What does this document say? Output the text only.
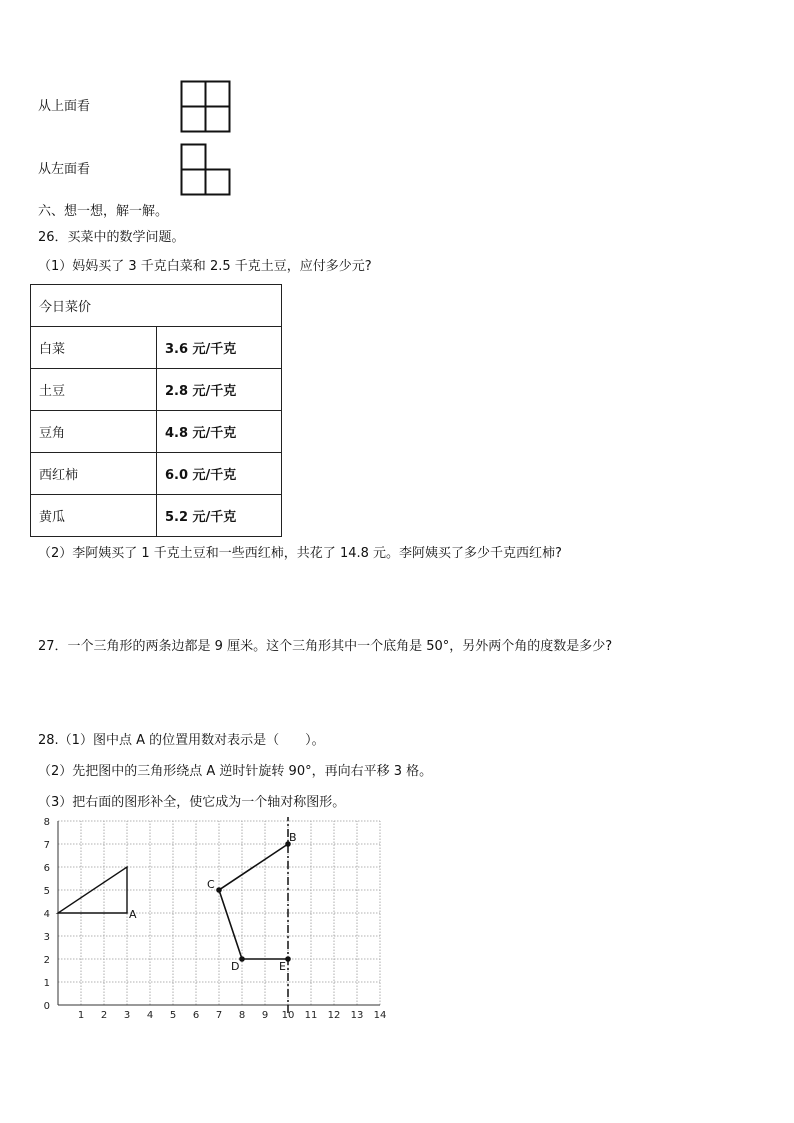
从上面看
从左面看
六、想一想，解一解。
26．买菜中的数学问题。
（1）妈妈买了 3 千克白菜和 2.5 千克土豆，应付多少元?
今日菜价	
白菜	3.6 元/千克
土豆	2.8 元/千克
豆角	4.8 元/千克
西红柿	6.0 元/千克
黄瓜	5.2 元/千克
（2）李阿姨买了 1 千克土豆和一些西红柿，共花了 14.8 元。李阿姨买了多少千克西红柿?
27．一个三角形的两条边都是 9 厘米。这个三角形其中一个底角是 50°，另外两个角的度数是多少?
28.（1）图中点 A 的位置用数对表示是（　　）。
（2）先把图中的三角形绕点 A 逆时针旋转 90°，再向右平移 3 格。
（3）把右面的图形补全，使它成为一个轴对称图形。
1 2 3 4 5 6 7 8 9 10 11 12 13 14
0
1
2
3
4
5
6
7
8
A
B
C
D	E
